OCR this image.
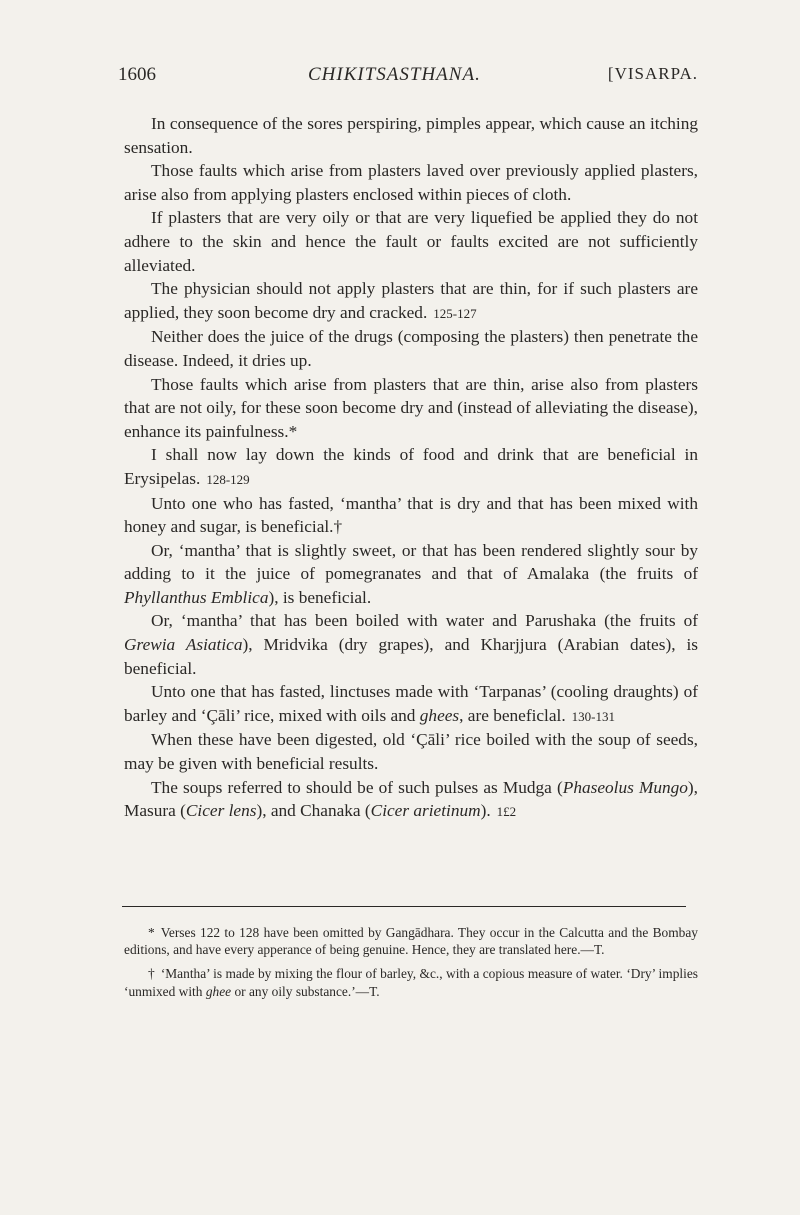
1606	CHIKITSASTHANA.	[VISARPA.

In consequence of the sores perspiring, pimples appear, which cause an itching sensation.

Those faults which arise from plasters laved over previously applied plasters, arise also from applying plasters enclosed within pieces of cloth.

If plasters that are very oily or that are very liquefied be applied they do not adhere to the skin and hence the fault or faults excited are not sufficiently alleviated.

The physician should not apply plasters that are thin, for if such plasters are applied, they soon become dry and cracked. 125-127

Neither does the juice of the drugs (composing the plasters) then penetrate the disease. Indeed, it dries up.

Those faults which arise from plasters that are thin, arise also from plasters that are not oily, for these soon become dry and (instead of alleviating the disease), enhance its painfulness.*

I shall now lay down the kinds of food and drink that are beneficial in Erysipelas. 128-129

Unto one who has fasted, ‘mantha’ that is dry and that has been mixed with honey and sugar, is beneficial.†

Or, ‘mantha’ that is slightly sweet, or that has been rendered slightly sour by adding to it the juice of pomegranates and that of Amalaka (the fruits of Phyllanthus Emblica), is beneficial.

Or, ‘mantha’ that has been boiled with water and Parushaka (the fruits of Grewia Asiatica), Mridvika (dry grapes), and Kharjjura (Arabian dates), is beneficial.

Unto one that has fasted, linctuses made with ‘Tarpanas’ (cooling draughts) of barley and ‘Çāli’ rice, mixed with oils and ghees, are beneficlal. 130-131

When these have been digested, old ‘Çāli’ rice boiled with the soup of seeds, may be given with beneficial results.

The soups referred to should be of such pulses as Mudga (Phaseolus Mungo), Masura (Cicer lens), and Chanaka (Cicer arietinum). 1£2

* Verses 122 to 128 have been omitted by Gangādhara. They occur in the Calcutta and the Bombay editions, and have every apperance of being genuine. Hence, they are translated here.—T.

† ‘Mantha’ is made by mixing the flour of barley, &c., with a copious measure of water. ‘Dry’ implies ‘unmixed with ghee or any oily substance.’—T.
